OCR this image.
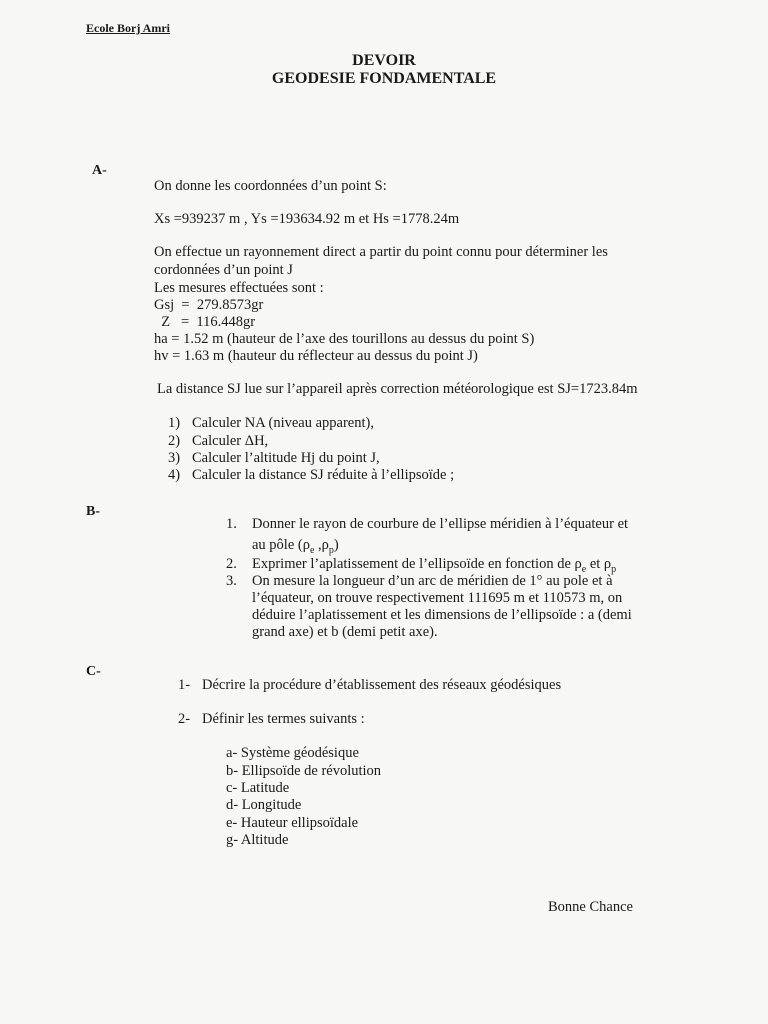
Ecole Borj Amri
DEVOIR
GEODESIE FONDAMENTALE
A-
On donne les coordonnées d’un point S:
Xs =939237 m , Ys =193634.92 m et Hs =1778.24m
On effectue un rayonnement direct a partir du point connu pour déterminer les
cordonnées d’un point J
Les mesures effectuées sont :
Gsj  =  279.8573gr
Z   =  116.448gr
ha = 1.52 m (hauteur de l’axe des tourillons au dessus du point S)
hv = 1.63 m (hauteur du réflecteur au dessus du point J)
La distance SJ lue sur l’appareil après correction météorologique est SJ=1723.84m
1) Calculer NA (niveau apparent),
2) Calculer ΔH,
3) Calculer l’altitude Hj du point J,
4) Calculer la distance SJ réduite à l’ellipsoïde ;
B-
1. Donner le rayon de courbure de l’ellipse méridien à l’équateur et
au pôle ($\rho_e$ $,\rho_p$)
2. Exprimer l’aplatissement de l’ellipsoïde en fonction de $\rho_e$ et $\rho_p$
3. On mesure la longueur d’un arc de méridien de 1° au pole et à
l’équateur, on trouve respectivement 111695 m et 110573 m, on
déduire l’aplatissement et les dimensions de l’ellipsoïde : a (demi
grand axe) et b (demi petit axe).
C-
1- Décrire la procédure d’établissement des réseaux géodésiques
2- Définir les termes suivants :
a- Système géodésique
b- Ellipsoïde de révolution
c- Latitude
d- Longitude
e- Hauteur ellipsoïdale
g- Altitude
Bonne Chance
